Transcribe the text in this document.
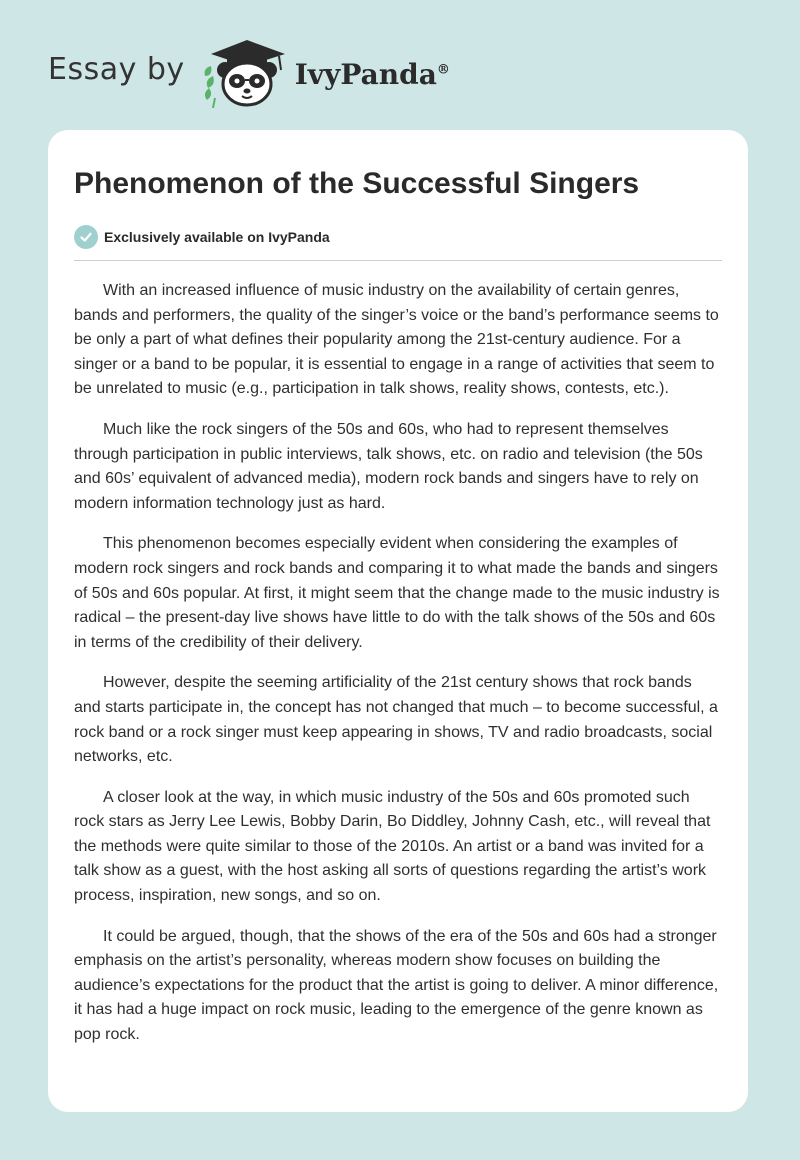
Essay by	IvyPanda®
Phenomenon of the Successful Singers
Exclusively available on IvyPanda

With an increased influence of music industry on the availability of certain genres, bands and performers, the quality of the singer’s voice or the band’s performance seems to be only a part of what defines their popularity among the 21st-century audience. For a singer or a band to be popular, it is essential to engage in a range of activities that seem to be unrelated to music (e.g., participation in talk shows, reality shows, contests, etc.).

Much like the rock singers of the 50s and 60s, who had to represent themselves through participation in public interviews, talk shows, etc. on radio and television (the 50s and 60s’ equivalent of advanced media), modern rock bands and singers have to rely on modern information technology just as hard.

This phenomenon becomes especially evident when considering the examples of modern rock singers and rock bands and comparing it to what made the bands and singers of 50s and 60s popular. At first, it might seem that the change made to the music industry is radical – the present-day live shows have little to do with the talk shows of the 50s and 60s in terms of the credibility of their delivery.

However, despite the seeming artificiality of the 21st century shows that rock bands and starts participate in, the concept has not changed that much – to become successful, a rock band or a rock singer must keep appearing in shows, TV and radio broadcasts, social networks, etc.

A closer look at the way, in which music industry of the 50s and 60s promoted such rock stars as Jerry Lee Lewis, Bobby Darin, Bo Diddley, Johnny Cash, etc., will reveal that the methods were quite similar to those of the 2010s. An artist or a band was invited for a talk show as a guest, with the host asking all sorts of questions regarding the artist’s work process, inspiration, new songs, and so on.

It could be argued, though, that the shows of the era of the 50s and 60s had a stronger emphasis on the artist’s personality, whereas modern show focuses on building the audience’s expectations for the product that the artist is going to deliver. A minor difference, it has had a huge impact on rock music, leading to the emergence of the genre known as pop rock.
